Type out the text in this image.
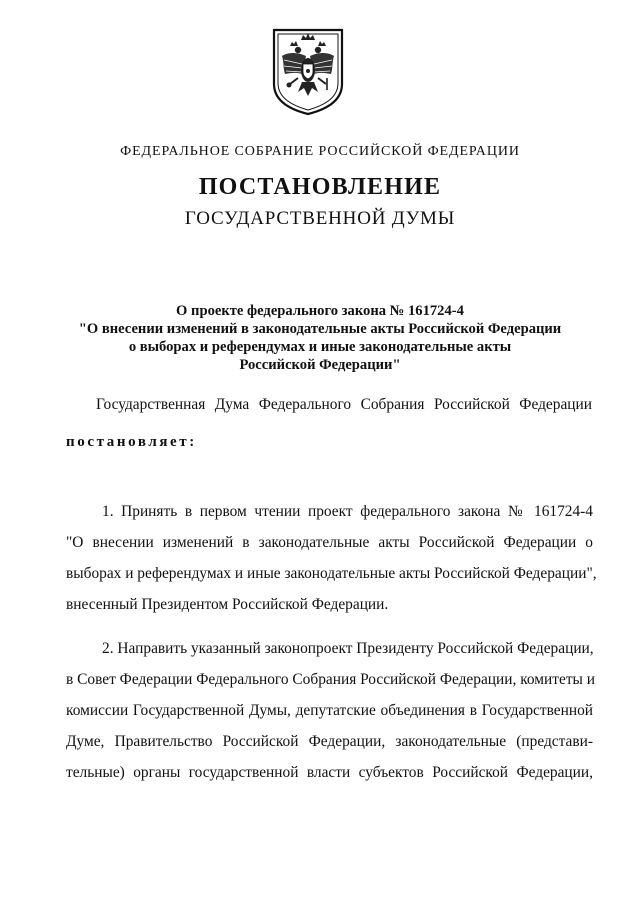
ФЕДЕРАЛЬНОЕ СОБРАНИЕ РОССИЙСКОЙ ФЕДЕРАЦИИ
ПОСТАНОВЛЕНИЕ
ГОСУДАРСТВЕННОЙ ДУМЫ
О проекте федерального закона № 161724-4
"О внесении изменений в законодательные акты Российской Федерации
о выборах и референдумах и иные законодательные акты
Российской Федерации"
Государственная Дума Федерального Собрания Российской Федерации
постановляет:
1. Принять в первом чтении проект федерального закона № 161724-4
"О внесении изменений в законодательные акты Российской Федерации о
выборах и референдумах и иные законодательные акты Российской Федерации",
внесенный Президентом Российской Федерации.
2. Направить указанный законопроект Президенту Российской Федерации,
в Совет Федерации Федерального Собрания Российской Федерации, комитеты и
комиссии Государственной Думы, депутатские объединения в Государственной
Думе, Правительство Российской Федерации, законодательные (представи-
тельные) органы государственной власти субъектов Российской Федерации,
